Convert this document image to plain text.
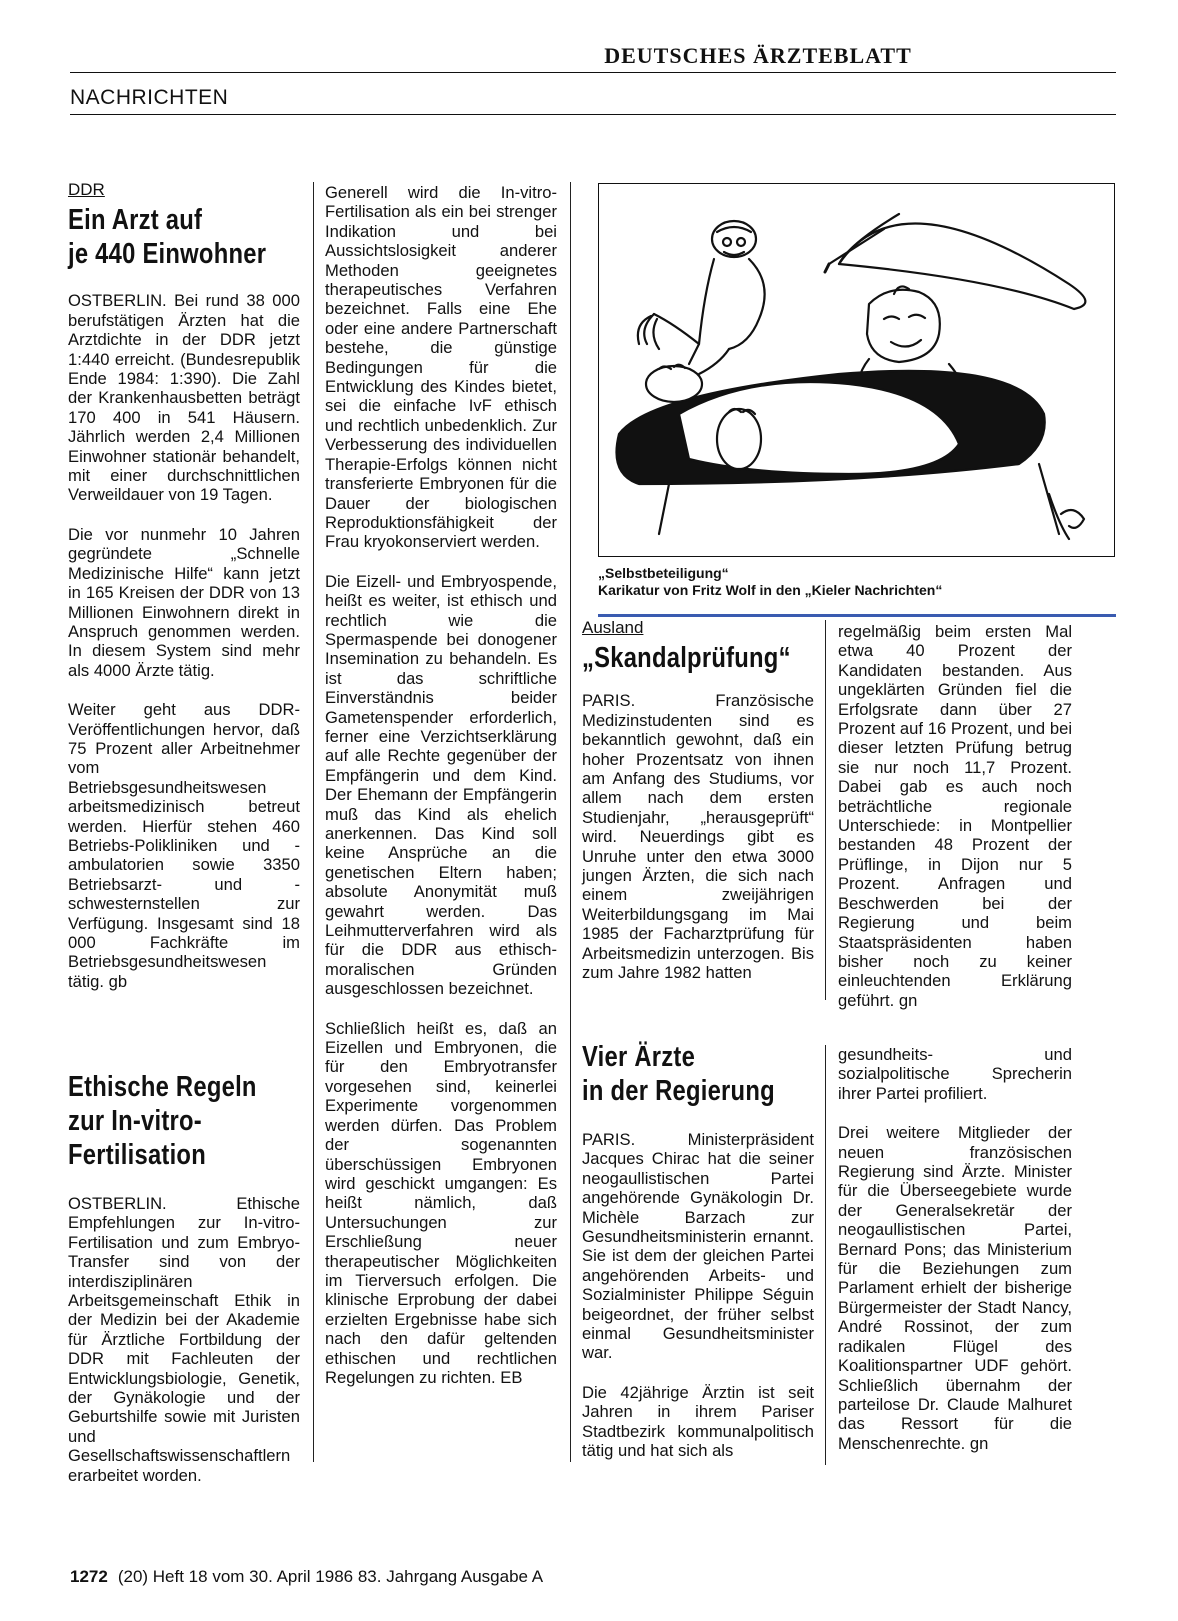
DEUTSCHES ÄRZTEBLATT
NACHRICHTEN
DDR
Ein Arzt auf
je 440 Einwohner

OSTBERLIN. Bei rund 38 000 berufstätigen Ärzten hat die Arztdichte in der DDR jetzt 1:440 erreicht. (Bundesrepublik Ende 1984: 1:390). Die Zahl der Krankenhausbetten beträgt 170 400 in 541 Häusern. Jährlich werden 2,4 Millionen Einwohner stationär behandelt, mit einer durchschnittlichen Verweildauer von 19 Tagen.

Die vor nunmehr 10 Jahren gegründete „Schnelle Medizinische Hilfe“ kann jetzt in 165 Kreisen der DDR von 13 Millionen Einwohnern direkt in Anspruch genommen werden. In diesem System sind mehr als 4000 Ärzte tätig.

Weiter geht aus DDR-Veröffentlichungen hervor, daß 75 Prozent aller Arbeitnehmer vom Betriebsgesundheitswesen arbeitsmedizinisch betreut werden. Hierfür stehen 460 Betriebs-Polikliniken und -ambulatorien sowie 3350 Betriebsarzt- und -schwesternstellen zur Verfügung. Insgesamt sind 18 000 Fachkräfte im Betriebsgesundheitswesen tätig. gb

Ethische Regeln
zur In-vitro-
Fertilisation

OSTBERLIN. Ethische Empfehlungen zur In-vitro-Fertilisation und zum Embryo-Transfer sind von der interdisziplinären Arbeitsgemeinschaft Ethik in der Medizin bei der Akademie für Ärztliche Fortbildung der DDR mit Fachleuten der Entwicklungsbiologie, Genetik, der Gynäkologie und der Geburtshilfe sowie mit Juristen und Gesellschaftswissenschaftlern erarbeitet worden.

Generell wird die In-vitro-Fertilisation als ein bei strenger Indikation und bei Aussichtslosigkeit anderer Methoden geeignetes therapeutisches Verfahren bezeichnet. Falls eine Ehe oder eine andere Partnerschaft bestehe, die günstige Bedingungen für die Entwicklung des Kindes bietet, sei die einfache IvF ethisch und rechtlich unbedenklich. Zur Verbesserung des individuellen Therapie-Erfolgs können nicht transferierte Embryonen für die Dauer der biologischen Reproduktionsfähigkeit der Frau kryokonserviert werden.

Die Eizell- und Embryospende, heißt es weiter, ist ethisch und rechtlich wie die Spermaspende bei donogener Insemination zu behandeln. Es ist das schriftliche Einverständnis beider Gametenspender erforderlich, ferner eine Verzichtserklärung auf alle Rechte gegenüber der Empfängerin und dem Kind. Der Ehemann der Empfängerin muß das Kind als ehelich anerkennen. Das Kind soll keine Ansprüche an die genetischen Eltern haben; absolute Anonymität muß gewahrt werden. Das Leihmutterverfahren wird als für die DDR aus ethisch-moralischen Gründen ausgeschlossen bezeichnet.

Schließlich heißt es, daß an Eizellen und Embryonen, die für den Embryotransfer vorgesehen sind, keinerlei Experimente vorgenommen werden dürfen. Das Problem der sogenannten überschüssigen Embryonen wird geschickt umgangen: Es heißt nämlich, daß Untersuchungen zur Erschließung neuer therapeutischer Möglichkeiten im Tierversuch erfolgen. Die klinische Erprobung der dabei erzielten Ergebnisse habe sich nach den dafür geltenden ethischen und rechtlichen Regelungen zu richten. EB

„Selbstbeteiligung“
Karikatur von Fritz Wolf in den „Kieler Nachrichten“
Ausland
„Skandalprüfung“

PARIS. Französische Medizinstudenten sind es bekanntlich gewohnt, daß ein hoher Prozentsatz von ihnen am Anfang des Studiums, vor allem nach dem ersten Studienjahr, „herausgeprüft“ wird. Neuerdings gibt es Unruhe unter den etwa 3000 jungen Ärzten, die sich nach einem zweijährigen Weiterbildungsgang im Mai 1985 der Facharztprüfung für Arbeitsmedizin unterzogen. Bis zum Jahre 1982 hatten

regelmäßig beim ersten Mal etwa 40 Prozent der Kandidaten bestanden. Aus ungeklärten Gründen fiel die Erfolgsrate dann über 27 Prozent auf 16 Prozent, und bei dieser letzten Prüfung betrug sie nur noch 11,7 Prozent. Dabei gab es auch noch beträchtliche regionale Unterschiede: in Montpellier bestanden 48 Prozent der Prüflinge, in Dijon nur 5 Prozent. Anfragen und Beschwerden bei der Regierung und beim Staatspräsidenten haben bisher noch zu keiner einleuchtenden Erklärung geführt. gn

Vier Ärzte
in der Regierung

PARIS. Ministerpräsident Jacques Chirac hat die seiner neogaullistischen Partei angehörende Gynäkologin Dr. Michèle Barzach zur Gesundheitsministerin ernannt. Sie ist dem der gleichen Partei angehörenden Arbeits- und Sozialminister Philippe Séguin beigeordnet, der früher selbst einmal Gesundheitsminister war.

Die 42jährige Ärztin ist seit Jahren in ihrem Pariser Stadtbezirk kommunalpolitisch tätig und hat sich als

gesundheits- und sozialpolitische Sprecherin ihrer Partei profiliert.

Drei weitere Mitglieder der neuen französischen Regierung sind Ärzte. Minister für die Überseegebiete wurde der Generalsekretär der neogaullistischen Partei, Bernard Pons; das Ministerium für die Beziehungen zum Parlament erhielt der bisherige Bürgermeister der Stadt Nancy, André Rossinot, der zum radikalen Flügel des Koalitionspartner UDF gehört. Schließlich übernahm der parteilose Dr. Claude Malhuret das Ressort für die Menschenrechte. gn

1272 (20) Heft 18 vom 30. April 1986 83. Jahrgang Ausgabe A
